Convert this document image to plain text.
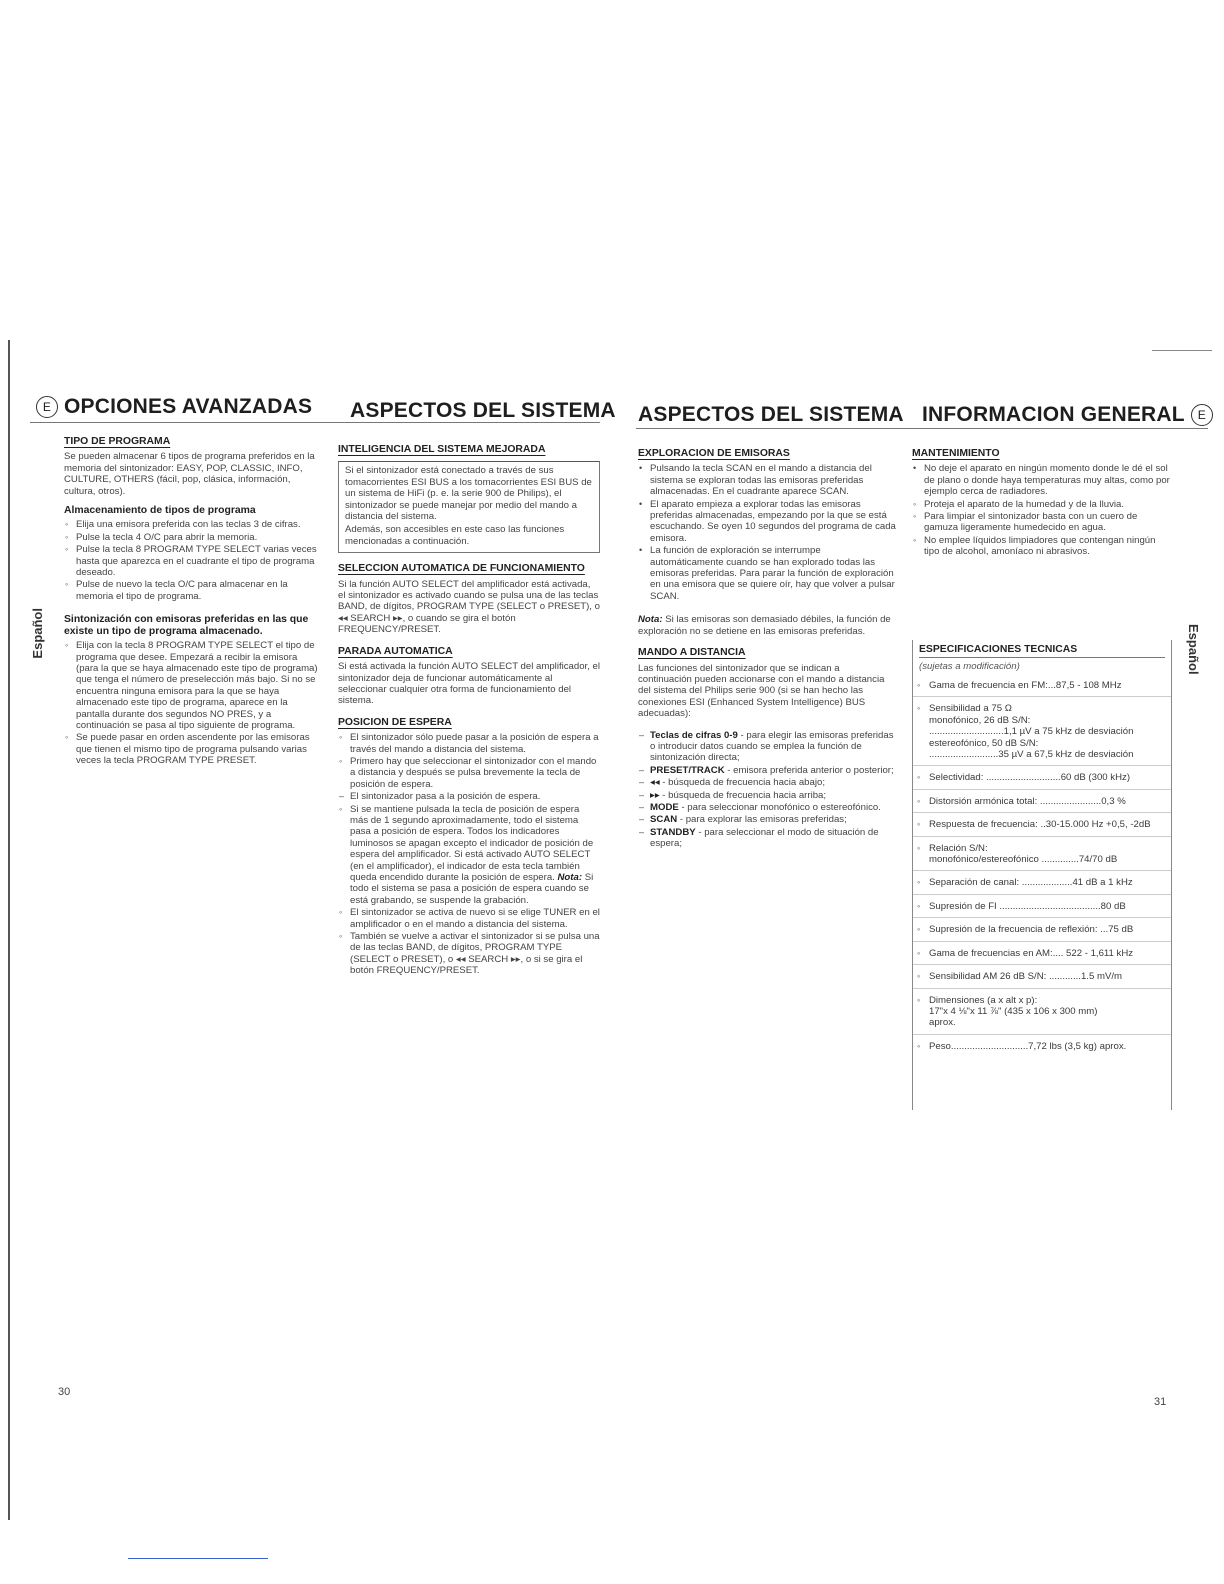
E OPCIONES AVANZADAS ASPECTOS DEL SISTEMA ASPECTOS DEL SISTEMA INFORMACION GENERAL E
Español	Español
TIPO DE PROGRAMA

Se pueden almacenar 6 tipos de programa preferidos en la memoria del sintonizador: EASY, POP, CLASSIC, INFO, CULTURE, OTHERS (fácil, pop, clásica, información, cultura, otros).

Almacenamiento de tipos de programa
◦ Elija una emisora preferida con las teclas 3 de cifras.
◦ Pulse la tecla 4 O/C para abrir la memoria.
◦ Pulse la tecla 8 PROGRAM TYPE SELECT varias veces hasta que aparezca en el cuadrante el tipo de programa deseado.
◦ Pulse de nuevo la tecla O/C para almacenar en la memoria el tipo de programa.
Sintonización con emisoras preferidas en las que existe un tipo de programa almacenado.
◦ Elija con la tecla 8 PROGRAM TYPE SELECT el tipo de programa que desee. Empezará a recibir la emisora (para la que se haya almacenado este tipo de programa) que tenga el número de preselección más bajo. Si no se encuentra ninguna emisora para la que se haya almacenado este tipo de programa, aparece en la pantalla durante dos segundos NO PRES, y a continuación se pasa al tipo siguiente de programa.
◦ Se puede pasar en orden ascendente por las emisoras que tienen el mismo tipo de programa pulsando varias veces la tecla PROGRAM TYPE PRESET.
INTELIGENCIA DEL SISTEMA MEJORADA

Si el sintonizador está conectado a través de sus tomacorrientes ESI BUS a los tomacorrientes ESI BUS de un sistema de HiFi (p. e. la serie 900 de Philips), el sintonizador se puede manejar por medio del mando a distancia del sistema.

Además, son accesibles en este caso las funciones mencionadas a continuación.

SELECCION AUTOMATICA DE FUNCIONAMIENTO

Si la función AUTO SELECT del amplificador está activada, el sintonizador es activado cuando se pulsa una de las teclas BAND, de dígitos, PROGRAM TYPE (SELECT o PRESET), o ◂◂ SEARCH ▸▸, o cuando se gira el botón FREQUENCY/PRESET.

PARADA AUTOMATICA

Si está activada la función AUTO SELECT del amplificador, el sintonizador deja de funcionar automáticamente al seleccionar cualquier otra forma de funcionamiento del sistema.

POSICION DE ESPERA
◦ El sintonizador sólo puede pasar a la posición de espera a través del mando a distancia del sistema.
◦ Primero hay que seleccionar el sintonizador con el mando a distancia y después se pulsa brevemente la tecla de posición de espera.
– El sintonizador pasa a la posición de espera.
◦ Si se mantiene pulsada la tecla de posición de espera más de 1 segundo aproximadamente, todo el sistema pasa a posición de espera. Todos los indicadores luminosos se apagan excepto el indicador de posición de espera del amplificador. Si está activado AUTO SELECT (en el amplificador), el indicador de esta tecla también queda encendido durante la posición de espera. Nota: Si todo el sistema se pasa a posición de espera cuando se está grabando, se suspende la grabación.
◦ El sintonizador se activa de nuevo si se elige TUNER en el amplificador o en el mando a distancia del sistema.
◦ También se vuelve a activar el sintonizador si se pulsa una de las teclas BAND, de dígitos, PROGRAM TYPE (SELECT o PRESET), o ◂◂ SEARCH ▸▸, o si se gira el botón FREQUENCY/PRESET.
EXPLORACION DE EMISORAS
• Pulsando la tecla SCAN en el mando a distancia del sistema se exploran todas las emisoras preferidas almacenadas. En el cuadrante aparece SCAN.
• El aparato empieza a explorar todas las emisoras preferidas almacenadas, empezando por la que se está escuchando. Se oyen 10 segundos del programa de cada emisora.
• La función de exploración se interrumpe automáticamente cuando se han explorado todas las emisoras preferidas. Para parar la función de exploración en una emisora que se quiere oír, hay que volver a pulsar SCAN.

Nota: Si las emisoras son demasiado débiles, la función de exploración no se detiene en las emisoras preferidas.

MANDO A DISTANCIA

Las funciones del sintonizador que se indican a continuación pueden accionarse con el mando a distancia del sistema del Philips serie 900 (si se han hecho las conexiones ESI (Enhanced System Intelligence) BUS adecuadas):

– Teclas de cifras 0-9 - para elegir las emisoras preferidas o introducir datos cuando se emplea la función de sintonización directa;
– PRESET/TRACK - emisora preferida anterior o posterior;
– ◂◂ - búsqueda de frecuencia hacia abajo;
– ▸▸ - búsqueda de frecuencia hacia arriba;
– MODE - para seleccionar monofónico o estereofónico.
– SCAN - para explorar las emisoras preferidas;
– STANDBY - para seleccionar el modo de situación de espera;
MANTENIMIENTO
• No deje el aparato en ningún momento donde le dé el sol de plano o donde haya temperaturas muy altas, como por ejemplo cerca de radiadores.
◦ Proteja el aparato de la humedad y de la lluvia.
◦ Para limpiar el sintonizador basta con un cuero de gamuza ligeramente humedecido en agua.
◦ No emplee líquidos limpiadores que contengan ningún tipo de alcohol, amoníaco ni abrasivos.
ESPECIFICACIONES TECNICAS
(sujetas a modificación)
◦ Gama de frecuencia en FM:...87,5 - 108 MHz
◦ Sensibilidad a 75 Ω
monofónico, 26 dB S/N:
............................1,1 µV a 75 kHz de desviación
estereofónico, 50 dB S/N:
..........................35 µV a 67,5 kHz de desviación
◦ Selectividad: ............................60 dB (300 kHz)
◦ Distorsión armónica total: .......................0,3 %
◦ Respuesta de frecuencia: ..30-15.000 Hz +0,5, -2dB
◦ Relación S/N:
monofónico/estereofónico ..............74/70 dB
◦ Separación de canal: ...................41 dB a 1 kHz
◦ Supresión de FI ......................................80 dB
◦ Supresión de la frecuencia de reflexión: ...75 dB
◦ Gama de frecuencias en AM:.... 522 - 1,611 kHz
◦ Sensibilidad AM 26 dB S/N: ............1.5 mV/m
◦ Dimensiones (a x alt x p):
17"x 4 ⅛"x 11 ⅞" (435 x 106 x 300 mm)
aprox.
◦ Peso.............................7,72 lbs (3,5 kg) aprox.
30
31
